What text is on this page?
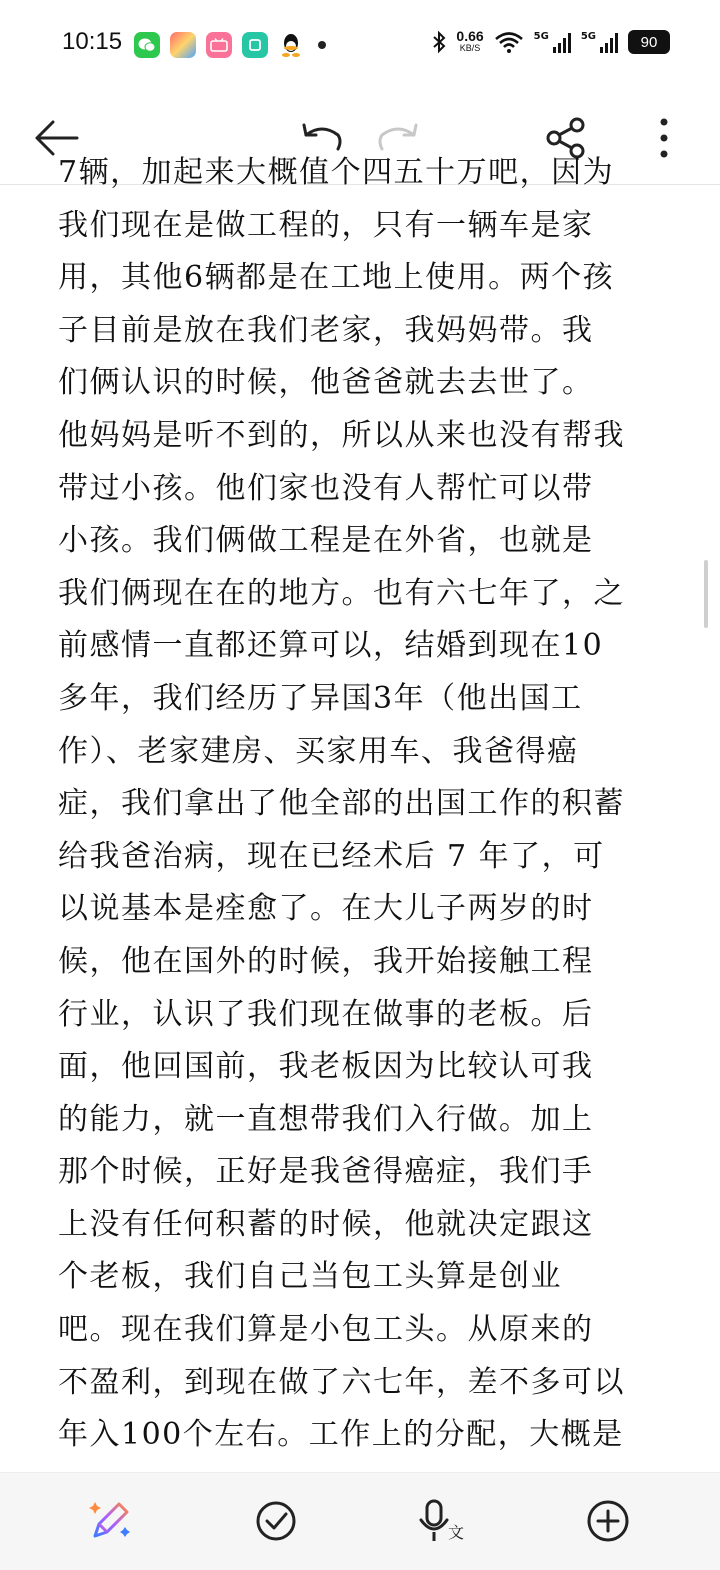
10:15	0.66
KB/S
5G	5G	90
7辆，加起来大概值个四五十万吧，因为
我们现在是做工程的，只有一辆车是家
用，其他6辆都是在工地上使用。两个孩
子目前是放在我们老家，我妈妈带。我
们俩认识的时候，他爸爸就去去世了。
他妈妈是听不到的，所以从来也没有帮我
带过小孩。他们家也没有人帮忙可以带
小孩。我们俩做工程是在外省，也就是
我们俩现在在的地方。也有六七年了，之
前感情一直都还算可以，结婚到现在10
多年，我们经历了异国3年（他出国工
作）、老家建房、买家用车、我爸得癌
症，我们拿出了他全部的出国工作的积蓄
给我爸治病，现在已经术后 7 年了，可
以说基本是痊愈了。在大儿子两岁的时
候，他在国外的时候，我开始接触工程
行业，认识了我们现在做事的老板。后
面，他回国前，我老板因为比较认可我
的能力，就一直想带我们入行做。加上
那个时候，正好是我爸得癌症，我们手
上没有任何积蓄的时候，他就决定跟这
个老板，我们自己当包工头算是创业
吧。现在我们算是小包工头。从原来的
不盈利，到现在做了六七年，差不多可以
年入100个左右。工作上的分配，大概是
文
